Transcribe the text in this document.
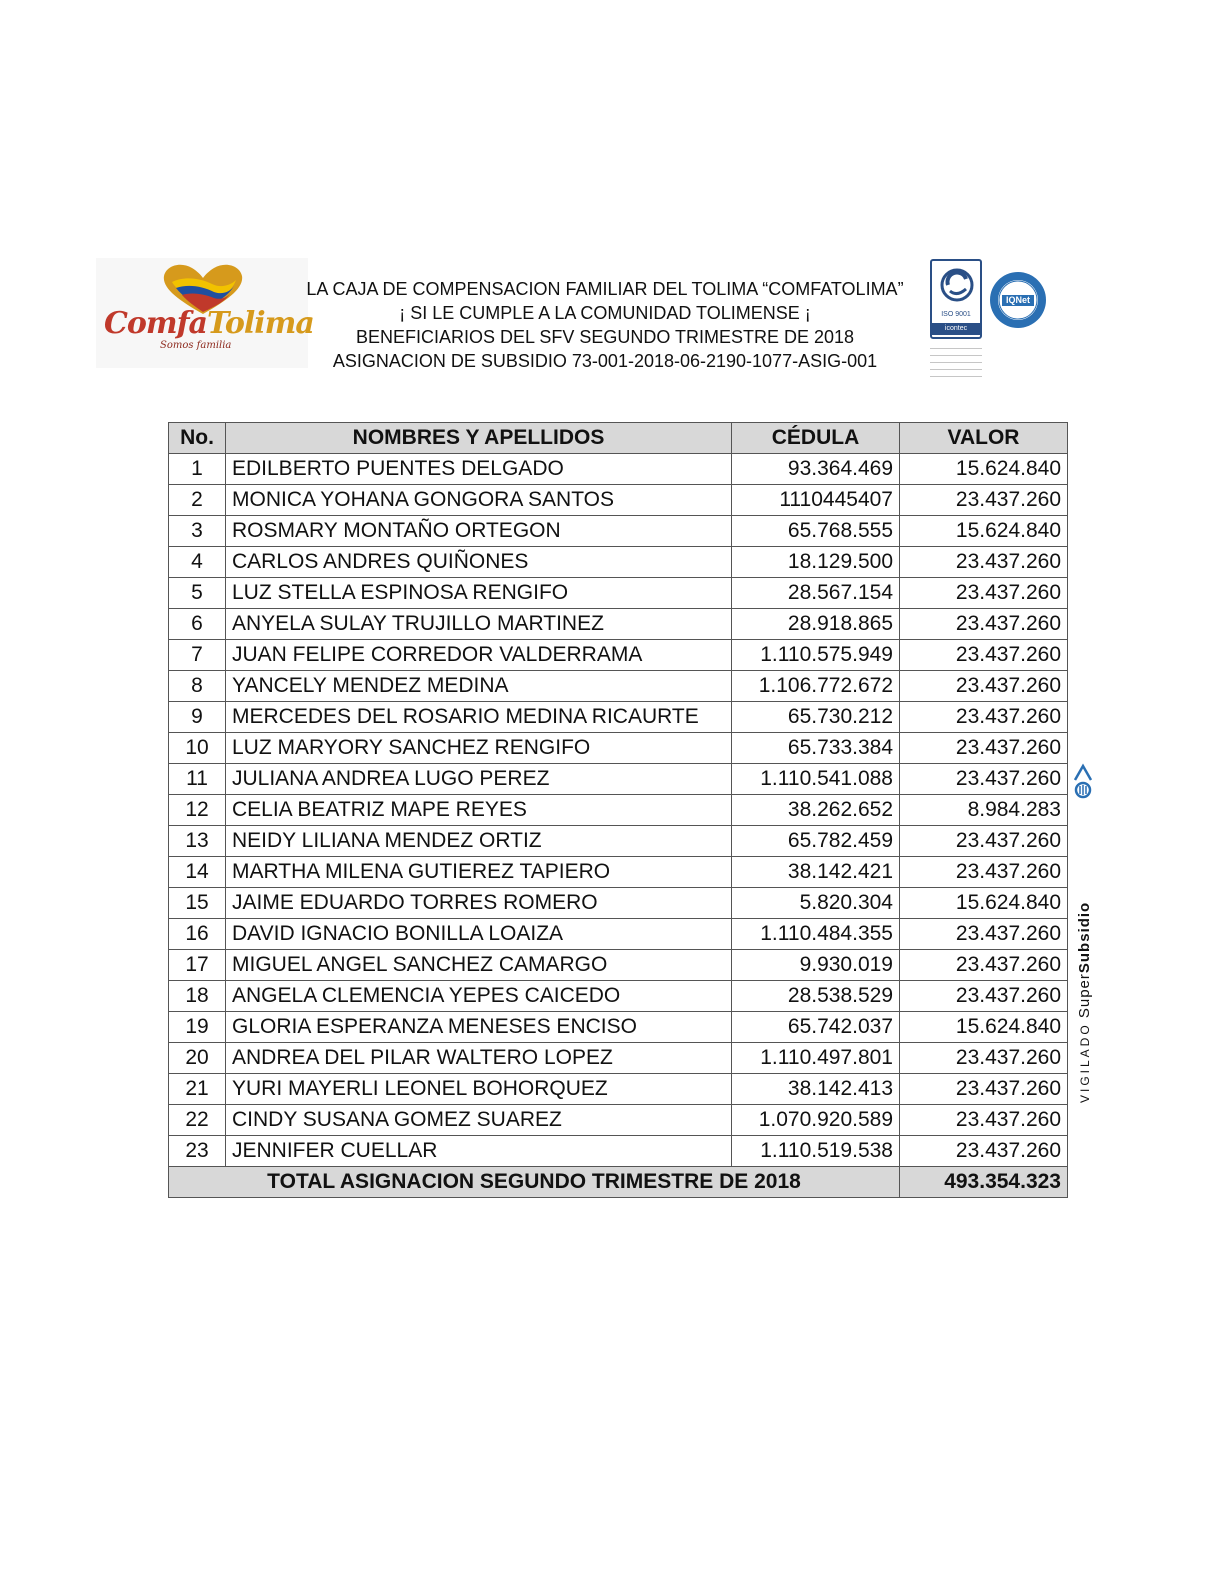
ComfaTolima
Somos familia
LA CAJA DE COMPENSACION FAMILIAR DEL TOLIMA “COMFATOLIMA”
¡ SI LE CUMPLE A LA COMUNIDAD TOLIMENSE ¡
BENEFICIARIOS DEL SFV SEGUNDO TRIMESTRE DE 2018
ASIGNACION DE SUBSIDIO 73-001-2018-06-2190-1077-ASIG-001
ISO 9001
icontec
IQNet
No.	NOMBRES Y APELLIDOS	CÉDULA	VALOR
1	EDILBERTO PUENTES DELGADO	93.364.469	15.624.840
2	MONICA YOHANA GONGORA SANTOS	1110445407	23.437.260
3	ROSMARY MONTAÑO ORTEGON	65.768.555	15.624.840
4	CARLOS ANDRES QUIÑONES	18.129.500	23.437.260
5	LUZ STELLA ESPINOSA RENGIFO	28.567.154	23.437.260
6	ANYELA SULAY TRUJILLO MARTINEZ	28.918.865	23.437.260
7	JUAN FELIPE CORREDOR VALDERRAMA	1.110.575.949	23.437.260
8	YANCELY MENDEZ MEDINA	1.106.772.672	23.437.260
9	MERCEDES DEL ROSARIO MEDINA RICAURTE	65.730.212	23.437.260
10	LUZ MARYORY SANCHEZ RENGIFO	65.733.384	23.437.260
11	JULIANA ANDREA LUGO PEREZ	1.110.541.088	23.437.260
12	CELIA BEATRIZ MAPE REYES	38.262.652	8.984.283
13	NEIDY LILIANA MENDEZ ORTIZ	65.782.459	23.437.260
14	MARTHA MILENA GUTIEREZ TAPIERO	38.142.421	23.437.260
15	JAIME EDUARDO TORRES ROMERO	5.820.304	15.624.840
16	DAVID IGNACIO BONILLA LOAIZA	1.110.484.355	23.437.260
17	MIGUEL ANGEL SANCHEZ CAMARGO	9.930.019	23.437.260
18	ANGELA CLEMENCIA YEPES CAICEDO	28.538.529	23.437.260
19	GLORIA ESPERANZA MENESES ENCISO	65.742.037	15.624.840
20	ANDREA DEL PILAR WALTERO LOPEZ	1.110.497.801	23.437.260
21	YURI MAYERLI LEONEL BOHORQUEZ	38.142.413	23.437.260
22	CINDY SUSANA GOMEZ SUAREZ	1.070.920.589	23.437.260
23	JENNIFER CUELLAR	1.110.519.538	23.437.260
TOTAL ASIGNACION SEGUNDO TRIMESTRE DE 2018			493.354.323
VIGILADO SuperSubsidio
